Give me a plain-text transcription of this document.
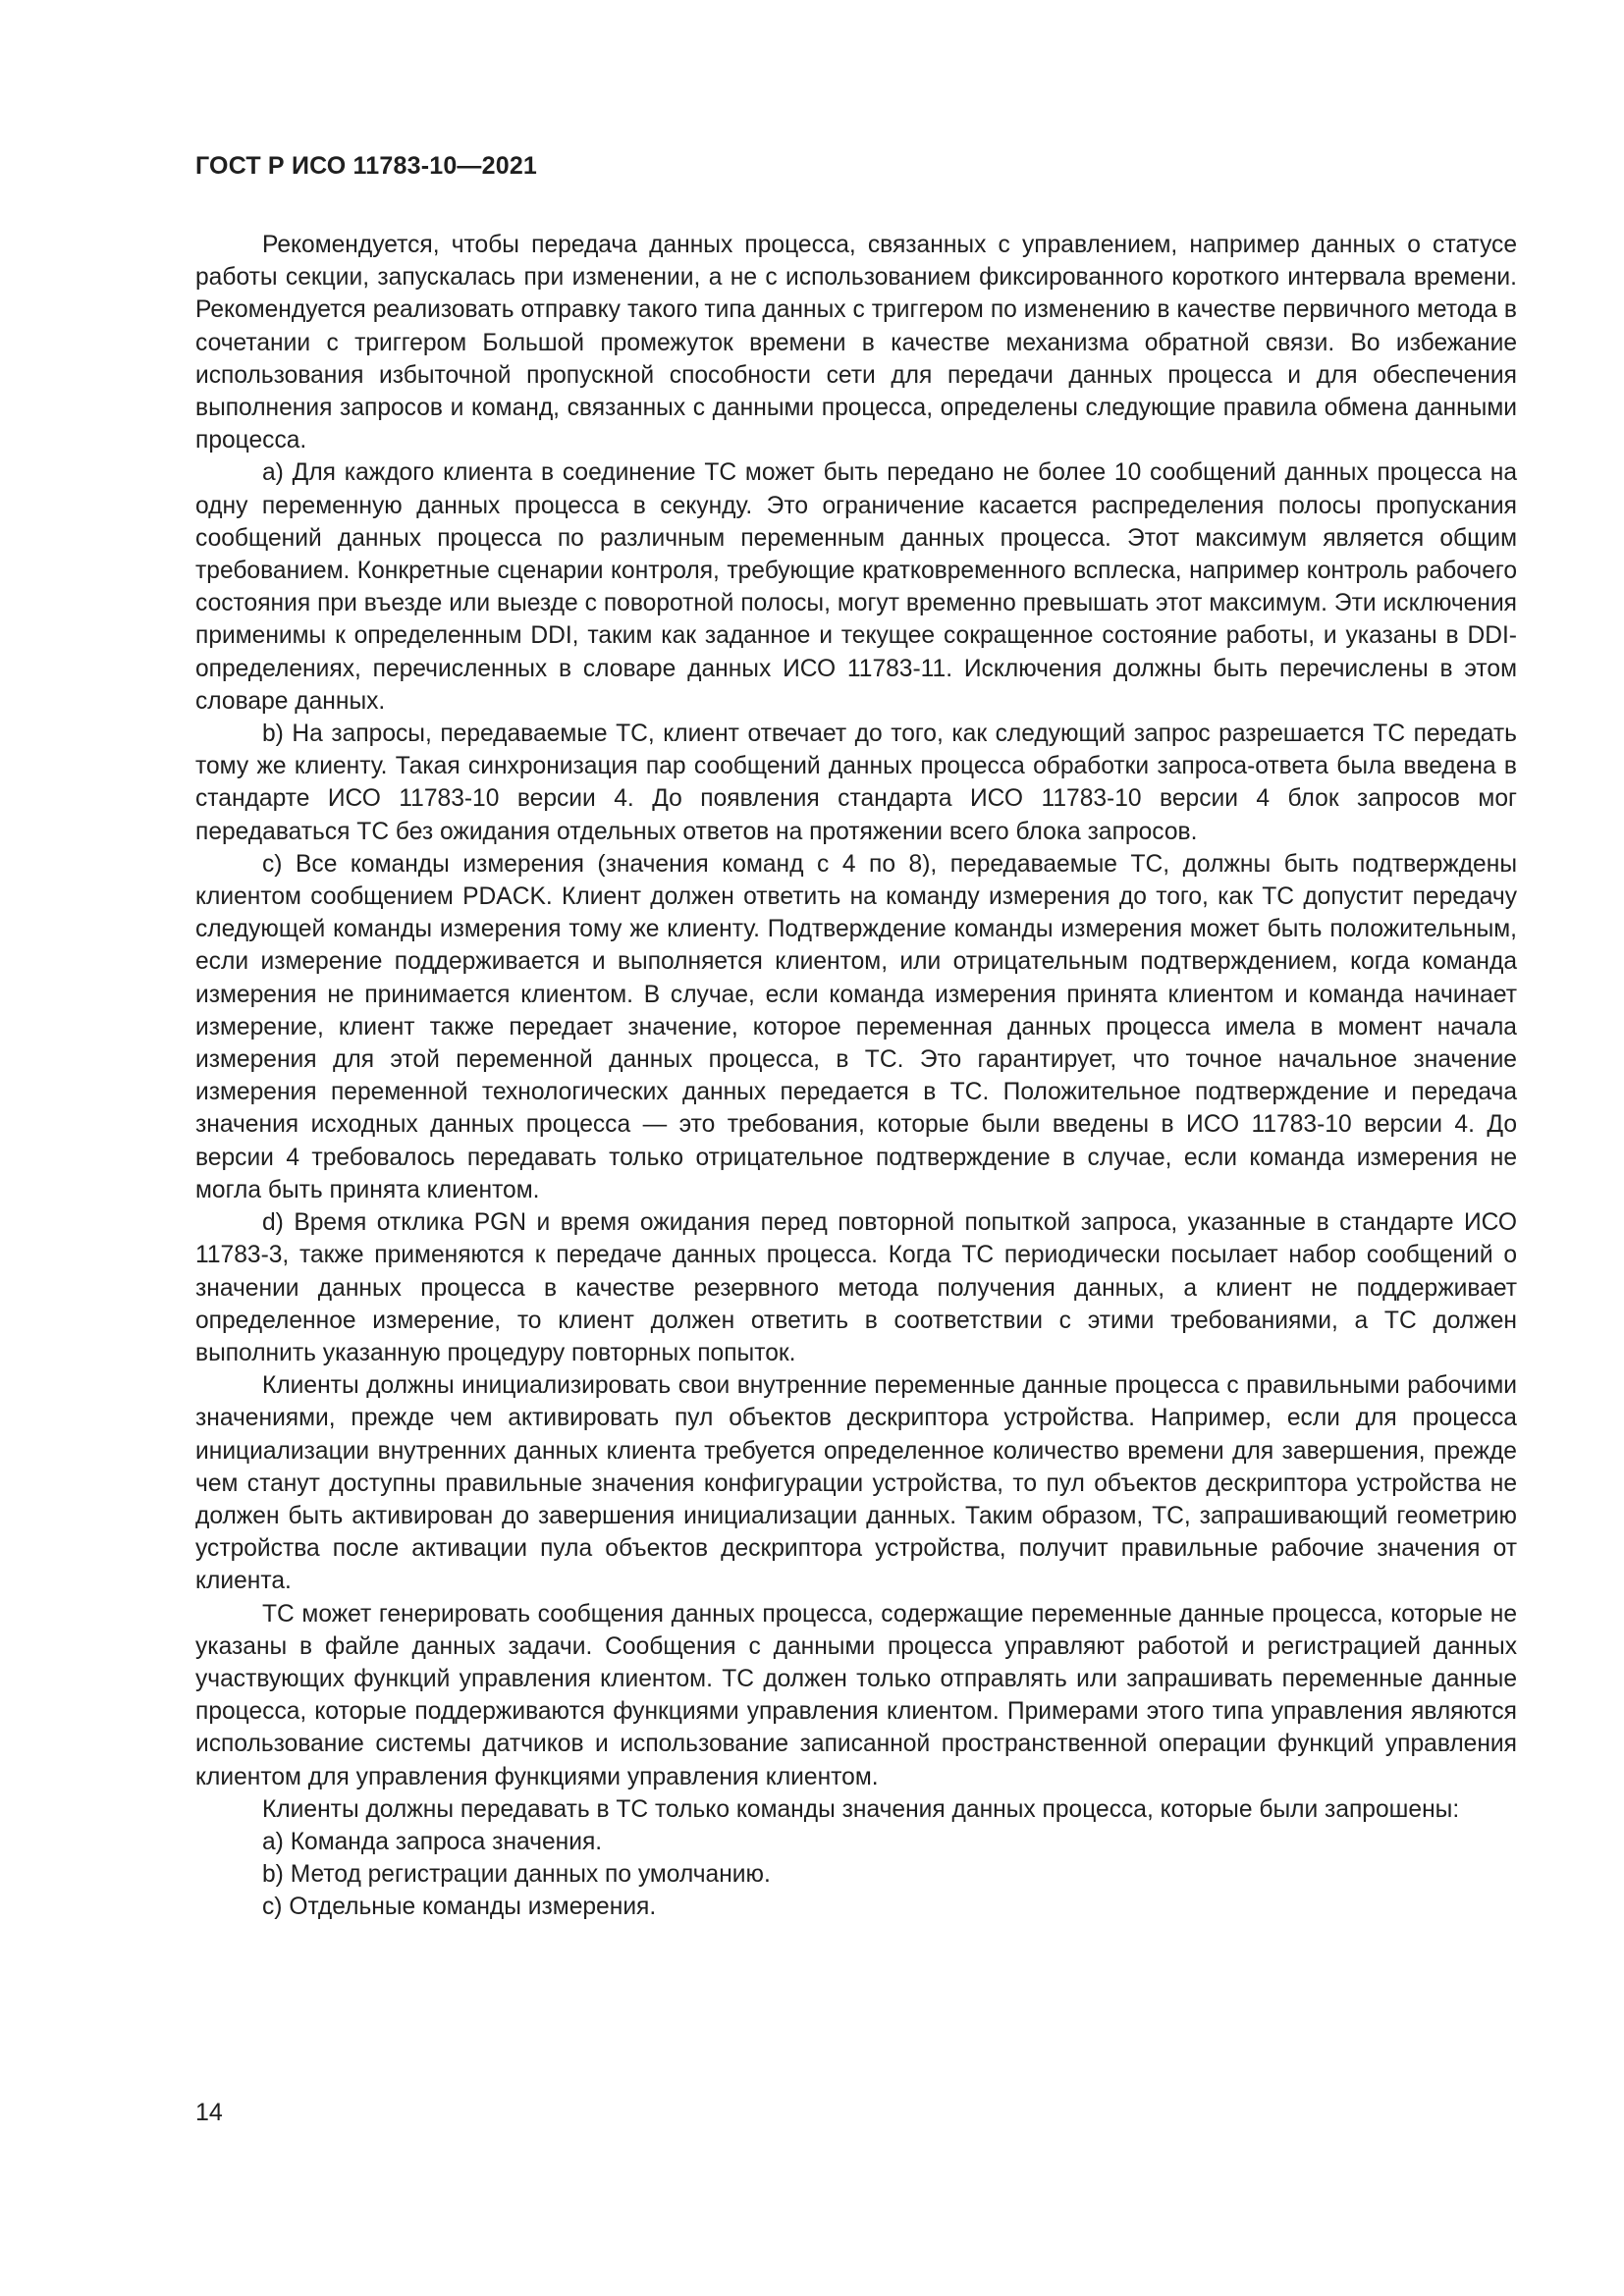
ГОСТ Р ИСО 11783-10—2021

Рекомендуется, чтобы передача данных процесса, связанных с управлением, например данных о статусе работы секции, запускалась при изменении, а не с использованием фиксированного короткого интервала времени. Рекомендуется реализовать отправку такого типа данных с триггером по изменению в качестве первичного метода в сочетании с триггером Большой промежуток времени в качестве механизма обратной связи. Во избежание использования избыточной пропускной способности сети для передачи данных процесса и для обеспечения выполнения запросов и команд, связанных с данными процесса, определены следующие правила обмена данными процесса.

а) Для каждого клиента в соединение ТС может быть передано не более 10 сообщений данных процесса на одну переменную данных процесса в секунду. Это ограничение касается распределения полосы пропускания сообщений данных процесса по различным переменным данных процесса. Этот максимум является общим требованием. Конкретные сценарии контроля, требующие кратковременного всплеска, например контроль рабочего состояния при въезде или выезде с поворотной полосы, могут временно превышать этот максимум. Эти исключения применимы к определенным DDI, таким как заданное и текущее сокращенное состояние работы, и указаны в DDI-определениях, перечисленных в словаре данных ИСО 11783-11. Исключения должны быть перечислены в этом словаре данных.

b) На запросы, передаваемые ТС, клиент отвечает до того, как следующий запрос разрешается ТС передать тому же клиенту. Такая синхронизация пар сообщений данных процесса обработки запроса-ответа была введена в стандарте ИСО 11783-10 версии 4. До появления стандарта ИСО 11783-10 версии 4 блок запросов мог передаваться ТС без ожидания отдельных ответов на протяжении всего блока запросов.

с) Все команды измерения (значения команд с 4 по 8), передаваемые ТС, должны быть подтверждены клиентом сообщением PDACK. Клиент должен ответить на команду измерения до того, как ТС допустит передачу следующей команды измерения тому же клиенту. Подтверждение команды измерения может быть положительным, если измерение поддерживается и выполняется клиентом, или отрицательным подтверждением, когда команда измерения не принимается клиентом. В случае, если команда измерения принята клиентом и команда начинает измерение, клиент также передает значение, которое переменная данных процесса имела в момент начала измерения для этой переменной данных процесса, в ТС. Это гарантирует, что точное начальное значение измерения переменной технологических данных передается в ТС. Положительное подтверждение и передача значения исходных данных процесса — это требования, которые были введены в ИСО 11783-10 версии 4. До версии 4 требовалось передавать только отрицательное подтверждение в случае, если команда измерения не могла быть принята клиентом.

d) Время отклика PGN и время ожидания перед повторной попыткой запроса, указанные в стандарте ИСО 11783-3, также применяются к передаче данных процесса. Когда ТС периодически посылает набор сообщений о значении данных процесса в качестве резервного метода получения данных, а клиент не поддерживает определенное измерение, то клиент должен ответить в соответствии с этими требованиями, а ТС должен выполнить указанную процедуру повторных попыток.

Клиенты должны инициализировать свои внутренние переменные данные процесса с правильными рабочими значениями, прежде чем активировать пул объектов дескриптора устройства. Например, если для процесса инициализации внутренних данных клиента требуется определенное количество времени для завершения, прежде чем станут доступны правильные значения конфигурации устройства, то пул объектов дескриптора устройства не должен быть активирован до завершения инициализации данных. Таким образом, ТС, запрашивающий геометрию устройства после активации пула объектов дескриптора устройства, получит правильные рабочие значения от клиента.

ТС может генерировать сообщения данных процесса, содержащие переменные данные процесса, которые не указаны в файле данных задачи. Сообщения с данными процесса управляют работой и регистрацией данных участвующих функций управления клиентом. ТС должен только отправлять или запрашивать переменные данные процесса, которые поддерживаются функциями управления клиентом. Примерами этого типа управления являются использование системы датчиков и использование записанной пространственной операции функций управления клиентом для управления функциями управления клиентом.

Клиенты должны передавать в ТС только команды значения данных процесса, которые были запрошены:

а) Команда запроса значения.

b) Метод регистрации данных по умолчанию.

с) Отдельные команды измерения.

14
